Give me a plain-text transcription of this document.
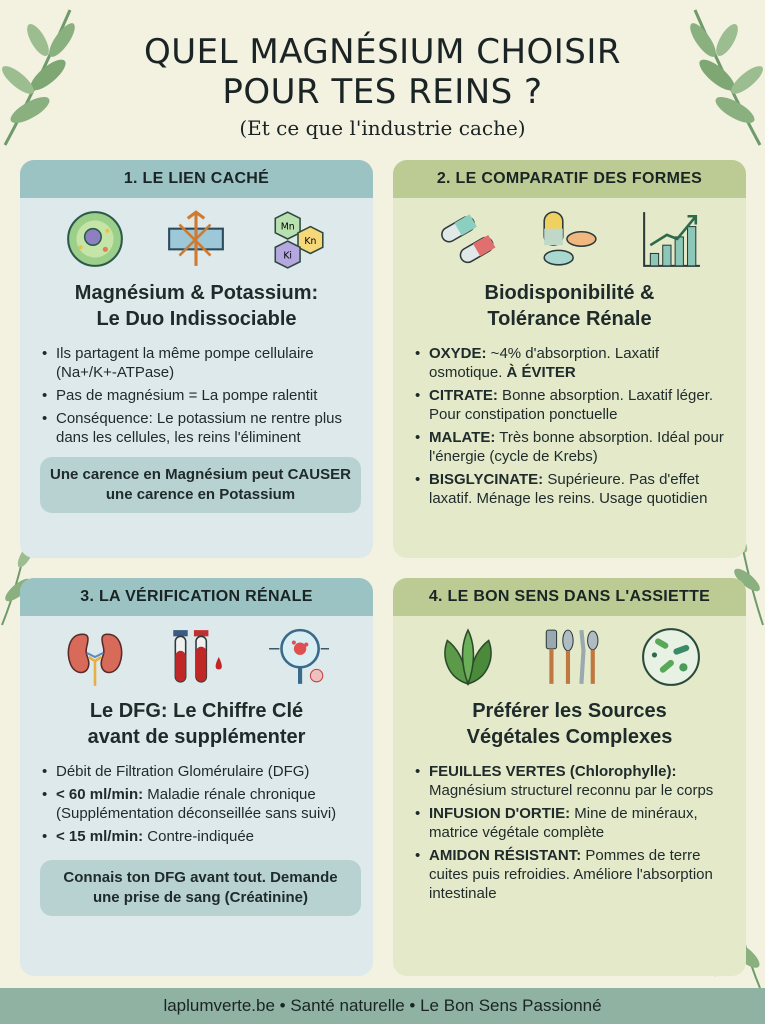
QUEL MAGNÉSIUM CHOISIR
POUR TES REINS ?
(Et ce que l'industrie cache)
1. LE LIEN CACHÉ
Mn
Kn
Ki
Magnésium & Potassium:
Le Duo Indissociable
• Ils partagent la même pompe cellulaire (Na+/K+-ATPase)
• Pas de magnésium = La pompe ralentit
• Conséquence: Le potassium ne rentre plus dans les cellules, les reins l'éliminent
Une carence en Magnésium peut CAUSER une carence en Potassium
2. LE COMPARATIF DES FORMES
Biodisponibilité &
Tolérance Rénale
• OXYDE: ~4% d'absorption. Laxatif osmotique. À ÉVITER
• CITRATE: Bonne absorption. Laxatif léger. Pour constipation ponctuelle
• MALATE: Très bonne absorption. Idéal pour l'énergie (cycle de Krebs)
• BISGLYCINATE: Supérieure. Pas d'effet laxatif. Ménage les reins. Usage quotidien
3. LA VÉRIFICATION RÉNALE
Le DFG: Le Chiffre Clé
avant de supplémenter
• Débit de Filtration Glomérulaire (DFG)
• < 60 ml/min: Maladie rénale chronique (Supplémentation déconseillée sans suivi)
• < 15 ml/min: Contre-indiquée
Connais ton DFG avant tout. Demande une prise de sang (Créatinine)
4. LE BON SENS DANS L'ASSIETTE
Préférer les Sources
Végétales Complexes
• FEUILLES VERTES (Chlorophylle): Magnésium structurel reconnu par le corps
• INFUSION D'ORTIE: Mine de minéraux, matrice végétale complète
• AMIDON RÉSISTANT: Pommes de terre cuites puis refroidies. Améliore l'absorption intestinale
laplumverte.be • Santé naturelle • Le Bon Sens Passionné
